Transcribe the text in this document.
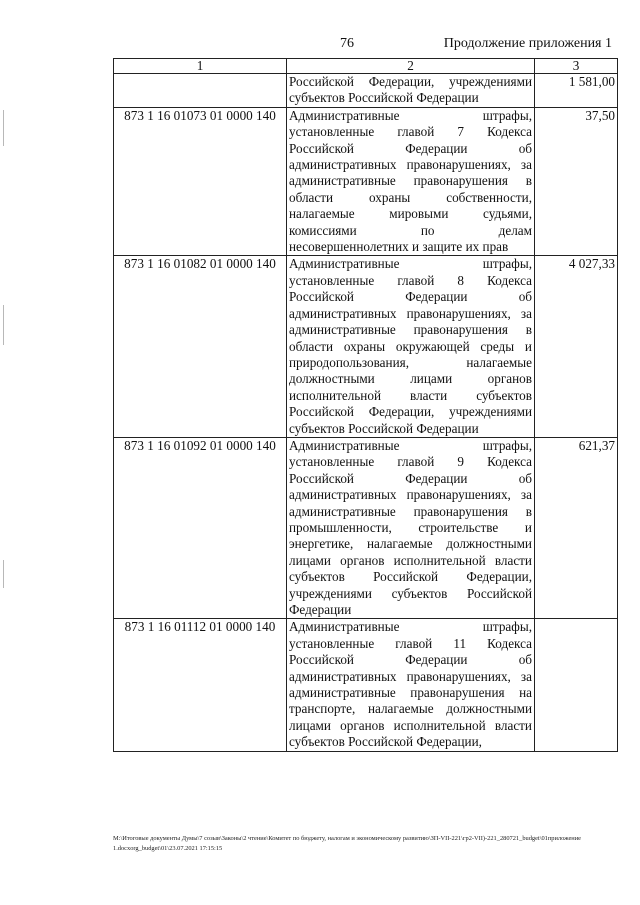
76	Продолжение приложения 1
1	2	3
	Российской Федерации, учреждениями субъектов Российской Федерации	1 581,00
873 1 16 01073 01 0000 140	Административные штрафы, установленные главой 7 Кодекса Российской Федерации об административных правонарушениях, за административные правонарушения в области охраны собственности, налагаемые мировыми судьями, комиссиями по делам несовершеннолетних и защите их прав	37,50
873 1 16 01082 01 0000 140	Административные штрафы, установленные главой 8 Кодекса Российской Федерации об административных правонарушениях, за административные правонарушения в области охраны окружающей среды и природопользования, налагаемые должностными лицами органов исполнительной власти субъектов Российской Федерации, учреждениями субъектов Российской Федерации	4 027,33
873 1 16 01092 01 0000 140	Административные штрафы, установленные главой 9 Кодекса Российской Федерации об административных правонарушениях, за административные правонарушения в промышленности, строительстве и энергетике, налагаемые должностными лицами органов исполнительной власти субъектов Российской Федерации, учреждениями субъектов Российской Федерации	621,37
873 1 16 01112 01 0000 140	Административные штрафы, установленные главой 11 Кодекса Российской Федерации об административных правонарушениях, за административные правонарушения на транспорте, налагаемые должностными лицами органов исполнительной власти субъектов Российской Федерации,	
М:\Итоговые документы Думы\7 созыв\Законы\2 чтение\Комитет по бюджету, налогам и экономическому развитию\ЗП-VII-221\гр2-VII)-221_280721_budget\01приложение 1.docxorg_budget\01\23.07.2021 17:15:15
